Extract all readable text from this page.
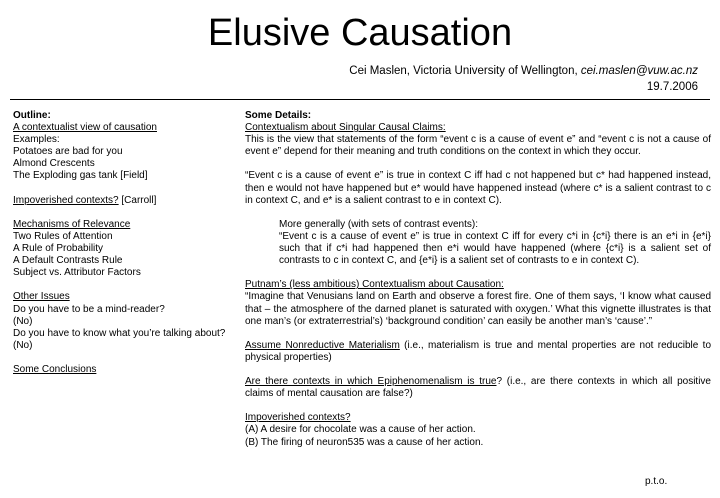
Elusive Causation
Cei Maslen, Victoria University of Wellington, cei.maslen@vuw.ac.nz
19.7.2006

Outline:

A contextualist view of causation

Examples:

Potatoes are bad for you

Almond Crescents

The Exploding gas tank [Field]

Impoverished contexts? [Carroll]

Mechanisms of Relevance

Two Rules of Attention

A Rule of Probability

A Default Contrasts Rule

Subject vs. Attributor Factors

Other Issues

Do you have to be a mind-reader?

(No)

Do you have to know what you’re talking about? (No)

Some Conclusions

Some Details:

Contextualism about Singular Causal Claims:

This is the view that statements of the form “event c is a cause of event e” and “event c is not a cause of event e” depend for their meaning and truth conditions on the context in which they occur.

“Event c is a cause of event e” is true in context C iff had c not happened but c* had happened instead, then e would not have happened but e* would have happened instead (where c* is a salient contrast to c in context C, and e* is a salient contrast to e in context C).

More generally (with sets of contrast events):

“Event c is a cause of event e” is true in context C iff for every c*i in {c*i} there is an e*i in {e*i} such that if c*i had happened then e*i would have happened (where {c*i} is a salient set of contrasts to c in context C, and {e*i} is a salient set of contrasts to e in context C).

Putnam’s (less ambitious) Contextualism about Causation:

“Imagine that Venusians land on Earth and observe a forest fire. One of them says, ‘I know what caused that – the atmosphere of the darned planet is saturated with oxygen.’ What this vignette illustrates is that one man’s (or extraterrestrial’s) ‘background condition’ can easily be another man’s ‘cause’.”

Assume Nonreductive Materialism (i.e., materialism is true and mental properties are not reducible to physical properties)

Are there contexts in which Epiphenomenalism is true? (i.e., are there contexts in which all positive claims of mental causation are false?)

Impoverished contexts?

(A) A desire for chocolate was a cause of her action.

(B) The firing of neuron535 was a cause of her action.

p.t.o.
